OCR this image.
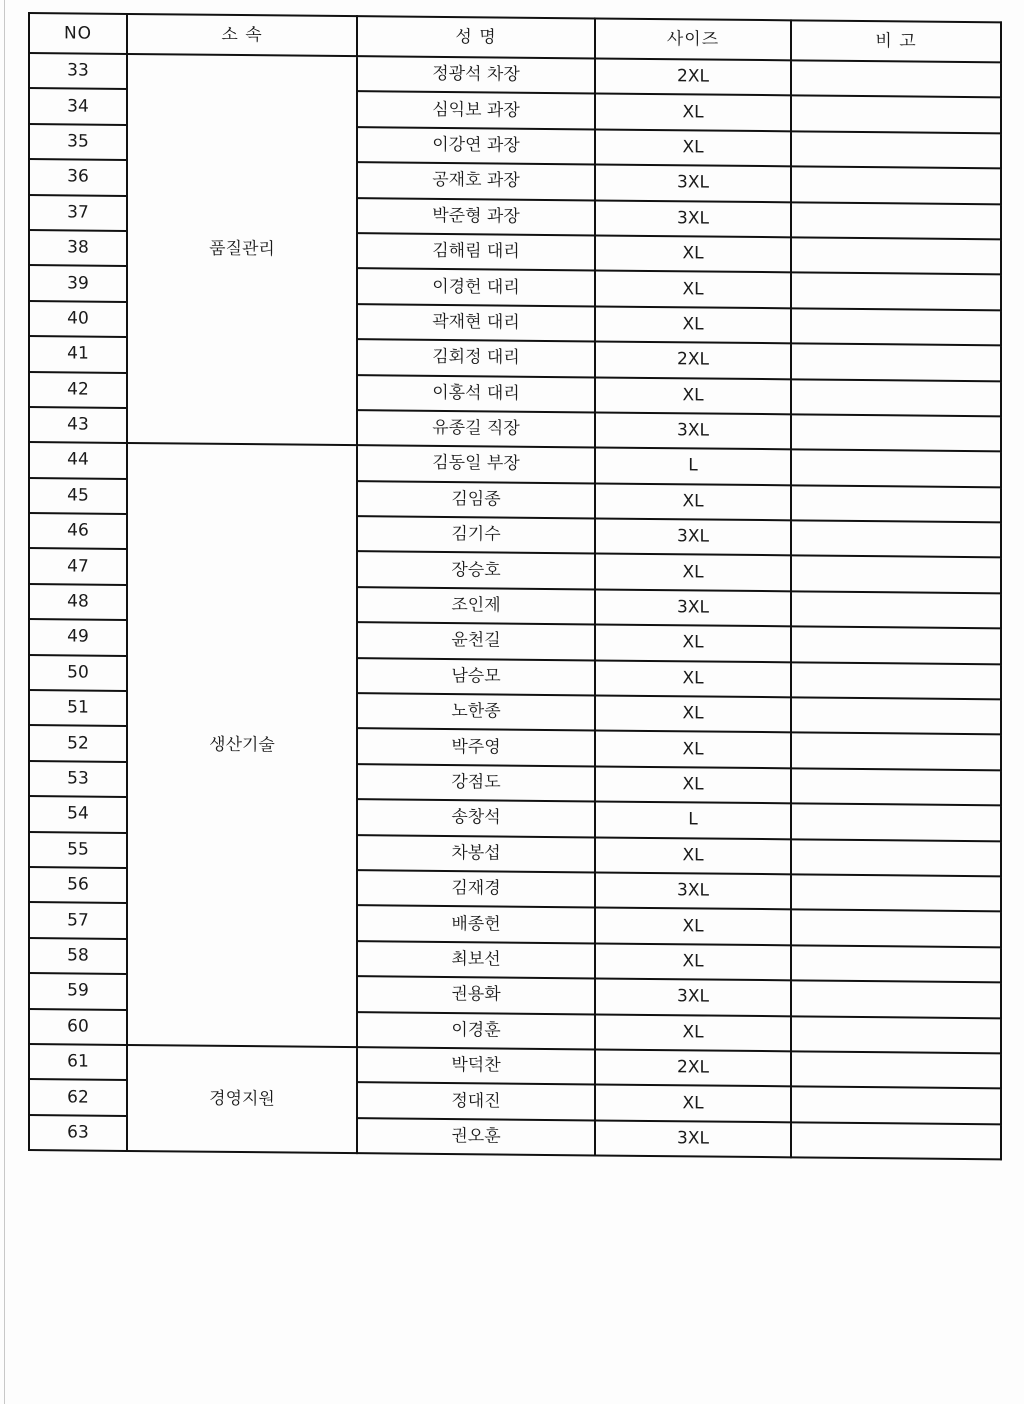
NO	소 속	성 명	사이즈	비 고
33	품질관리	정광석 차장	2XL	
34		심익보 과장	XL	
35		이강연 과장	XL	
36		공재호 과장	3XL	
37		박준형 과장	3XL	
38		김해림 대리	XL	
39		이경헌 대리	XL	
40		곽재현 대리	XL	
41		김회정 대리	2XL	
42		이홍석 대리	XL	
43		유종길 직장	3XL	
44	생산기술	김동일 부장	L	
45		김임종	XL	
46		김기수	3XL	
47		장승호	XL	
48		조인제	3XL	
49		윤천길	XL	
50		남승모	XL	
51		노한종	XL	
52		박주영	XL	
53		강점도	XL	
54		송창석	L	
55		차봉섭	XL	
56		김재경	3XL	
57		배종헌	XL	
58		최보선	XL	
59		권용화	3XL	
60		이경훈	XL	
61	경영지원	박덕찬	2XL	
62		정대진	XL	
63		권오훈	3XL	
